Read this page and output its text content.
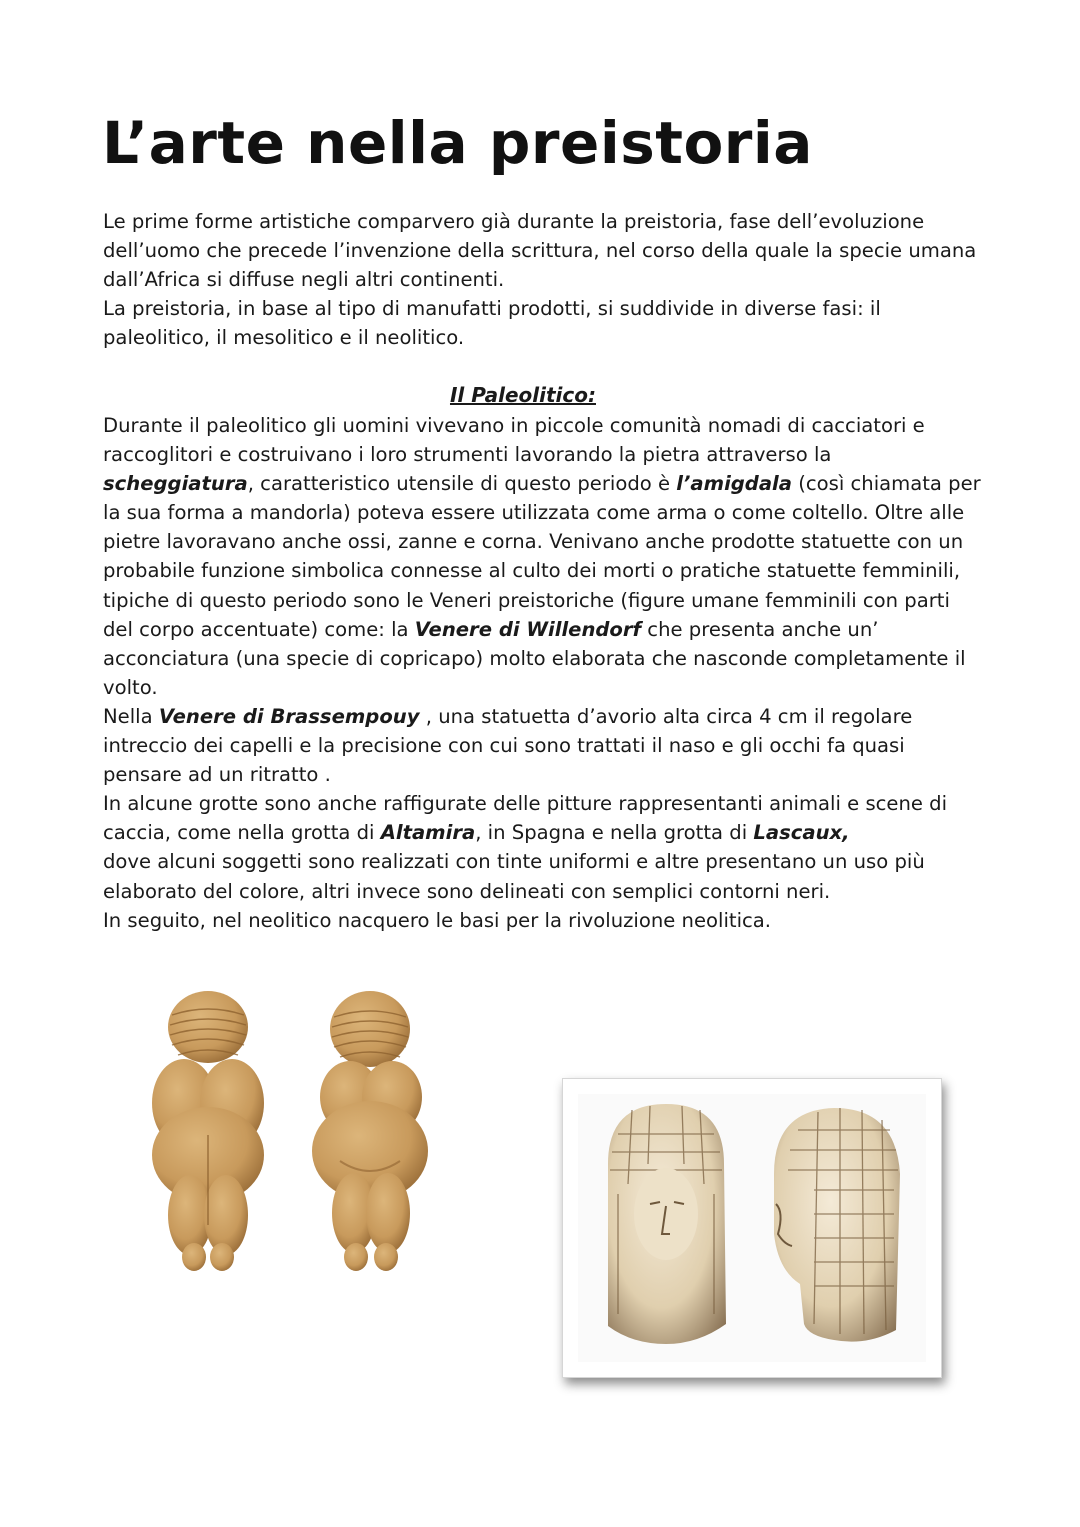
L’arte nella preistoria

Le prime forme artistiche comparvero già durante la preistoria, fase dell’evoluzione dell’uomo che precede l’invenzione della scrittura, nel corso della quale la specie umana dall’Africa si diffuse negli altri continenti.

La preistoria, in base al tipo di manufatti prodotti, si suddivide in diverse fasi: il paleolitico, il mesolitico e il neolitico.

Il Paleolitico:

Durante il paleolitico gli uomini vivevano in piccole comunità nomadi di cacciatori e raccoglitori e costruivano i loro strumenti lavorando la pietra attraverso la scheggiatura, caratteristico utensile di questo periodo è l’amigdala (così chiamata per la sua forma a mandorla) poteva essere utilizzata come arma o come coltello. Oltre alle pietre lavoravano anche ossi, zanne e corna. Venivano anche prodotte statuette con un probabile funzione simbolica connesse al culto dei morti o pratiche statuette femminili, tipiche di questo periodo sono le Veneri preistoriche (figure umane femminili con parti del corpo accentuate) come: la Venere di Willendorf che presenta anche un’ acconciatura (una specie di copricapo) molto elaborata che nasconde completamente il volto.

Nella Venere di Brassempouy , una statuetta d’avorio alta circa 4 cm il regolare intreccio dei capelli e la precisione con cui sono trattati il naso e gli occhi fa quasi pensare ad un ritratto .

In alcune grotte sono anche raffigurate delle pitture rappresentanti animali e scene di caccia, come nella grotta di Altamira, in Spagna e nella grotta di Lascaux,

dove alcuni soggetti sono realizzati con tinte uniformi e altre presentano un uso più elaborato del colore, altri invece sono delineati con semplici contorni neri.

In seguito, nel neolitico nacquero le basi per la rivoluzione neolitica.
